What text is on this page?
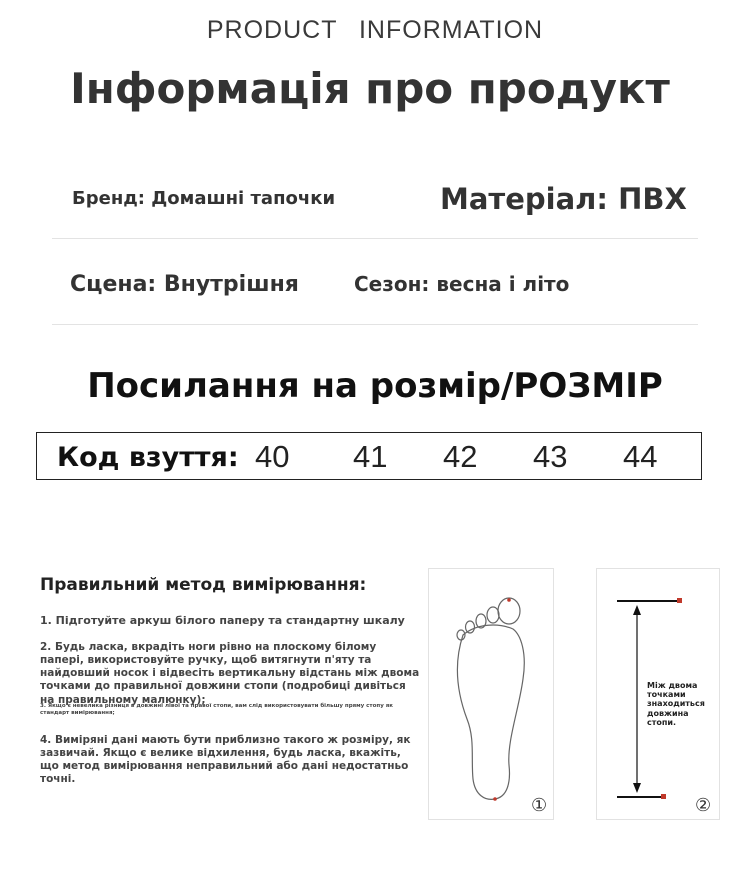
PRODUCT INFORMATION
Інформація про продукт
Бренд: Домашні тапочки	Матеріал: ПВХ
Сцена: Внутрішня	Сезон: весна і літо
Посилання на розмір/РОЗМІР
Код взуття: 40 41 42 43 44
Правильний метод вимірювання:
1. Підготуйте аркуш білого паперу та стандартну шкалу
2. Будь ласка, вкрадіть ноги рівно на плоскому білому папері, використовуйте ручку, щоб витягнути п'яту та найдовший носок і відвесіть вертикальну відстань між двома точками до правильної довжини стопи (подробиці дивіться на правильному малюнку);
3. Якщо є невелика різниця в довжині лівої та правої стопи, вам слід використовувати більшу пряму стопу як стандарт вимірювання;
4. Виміряні дані мають бути приблизно такого ж розміру, як зазвичай. Якщо є велике відхилення, будь ласка, вкажіть, що метод вимірювання неправильний або дані недостатньо точні.
①
Між двома точками знаходиться довжина стопи.
②
